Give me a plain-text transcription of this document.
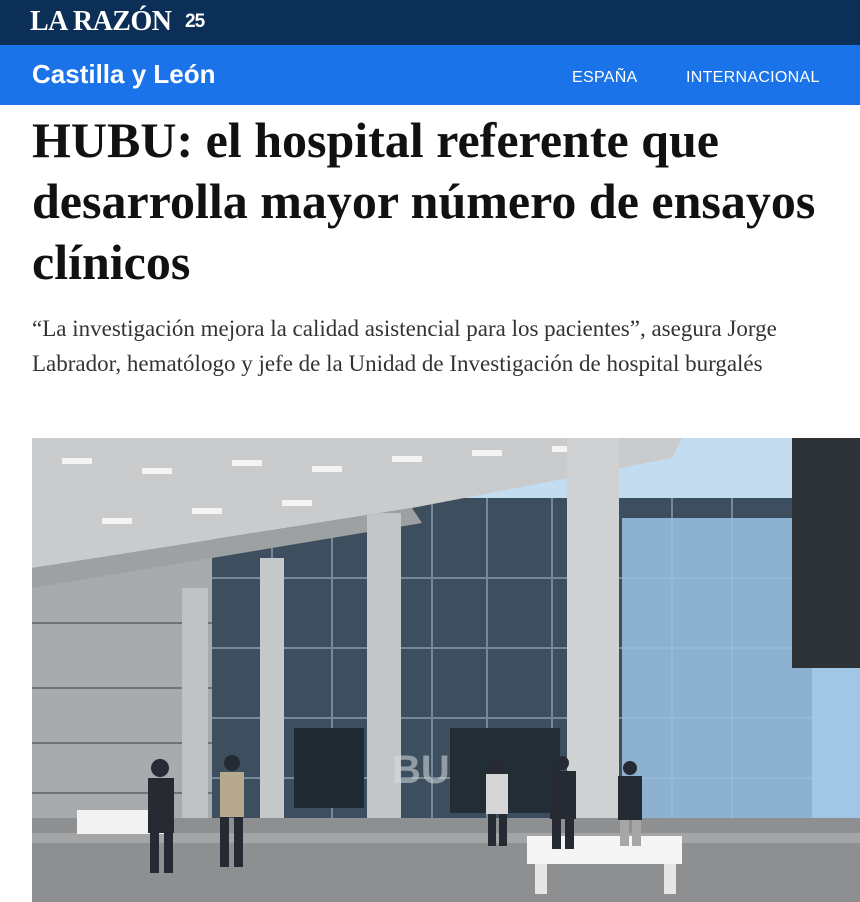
LA RAZÓN 25
Castilla y León	ESPAÑA	INTERNACIONAL
HUBU: el hospital referente que desarrolla mayor número de ensayos clínicos

“La investigación mejora la calidad asistencial para los pacientes”, asegura Jorge Labrador, hematólogo y jefe de la Unidad de Investigación de hospital burgalés

BU
